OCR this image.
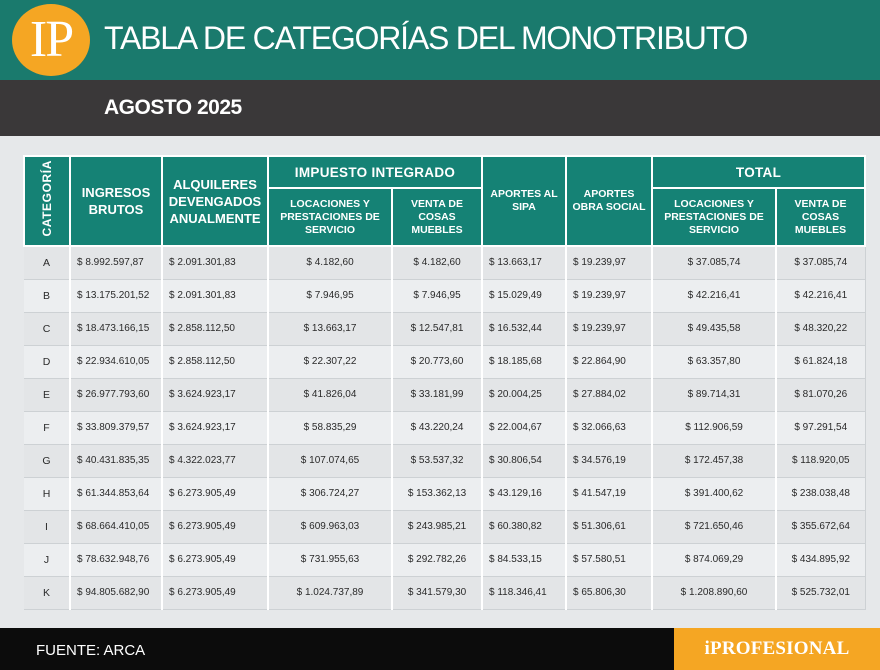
IP TABLA DE CATEGORÍAS DEL MONOTRIBUTO
AGOSTO 2025
CATEGORÍA	INGRESOS BRUTOS	ALQUILERES DEVENGADOS ANUALMENTE	IMPUESTO INTEGRADO		APORTES AL SIPA	APORTES OBRA SOCIAL	TOTAL	
			LOCACIONES Y PRESTACIONES DE SERVICIO	VENTA DE COSAS MUEBLES			LOCACIONES Y PRESTACIONES DE SERVICIO	VENTA DE COSAS MUEBLES
A	$ 8.992.597,87	$ 2.091.301,83	$ 4.182,60	$ 4.182,60	$ 13.663,17	$ 19.239,97	$ 37.085,74	$ 37.085,74
B	$ 13.175.201,52	$ 2.091.301,83	$ 7.946,95	$ 7.946,95	$ 15.029,49	$ 19.239,97	$ 42.216,41	$ 42.216,41
C	$ 18.473.166,15	$ 2.858.112,50	$ 13.663,17	$ 12.547,81	$ 16.532,44	$ 19.239,97	$ 49.435,58	$ 48.320,22
D	$ 22.934.610,05	$ 2.858.112,50	$ 22.307,22	$ 20.773,60	$ 18.185,68	$ 22.864,90	$ 63.357,80	$ 61.824,18
E	$ 26.977.793,60	$ 3.624.923,17	$ 41.826,04	$ 33.181,99	$ 20.004,25	$ 27.884,02	$ 89.714,31	$ 81.070,26
F	$ 33.809.379,57	$ 3.624.923,17	$ 58.835,29	$ 43.220,24	$ 22.004,67	$ 32.066,63	$ 112.906,59	$ 97.291,54
G	$ 40.431.835,35	$ 4.322.023,77	$ 107.074,65	$ 53.537,32	$ 30.806,54	$ 34.576,19	$ 172.457,38	$ 118.920,05
H	$ 61.344.853,64	$ 6.273.905,49	$ 306.724,27	$ 153.362,13	$ 43.129,16	$ 41.547,19	$ 391.400,62	$ 238.038,48
I	$ 68.664.410,05	$ 6.273.905,49	$ 609.963,03	$ 243.985,21	$ 60.380,82	$ 51.306,61	$ 721.650,46	$ 355.672,64
J	$ 78.632.948,76	$ 6.273.905,49	$ 731.955,63	$ 292.782,26	$ 84.533,15	$ 57.580,51	$ 874.069,29	$ 434.895,92
K	$ 94.805.682,90	$ 6.273.905,49	$ 1.024.737,89	$ 341.579,30	$ 118.346,41	$ 65.806,30	$ 1.208.890,60	$ 525.732,01
FUENTE: ARCA	iPROFESIONAL
